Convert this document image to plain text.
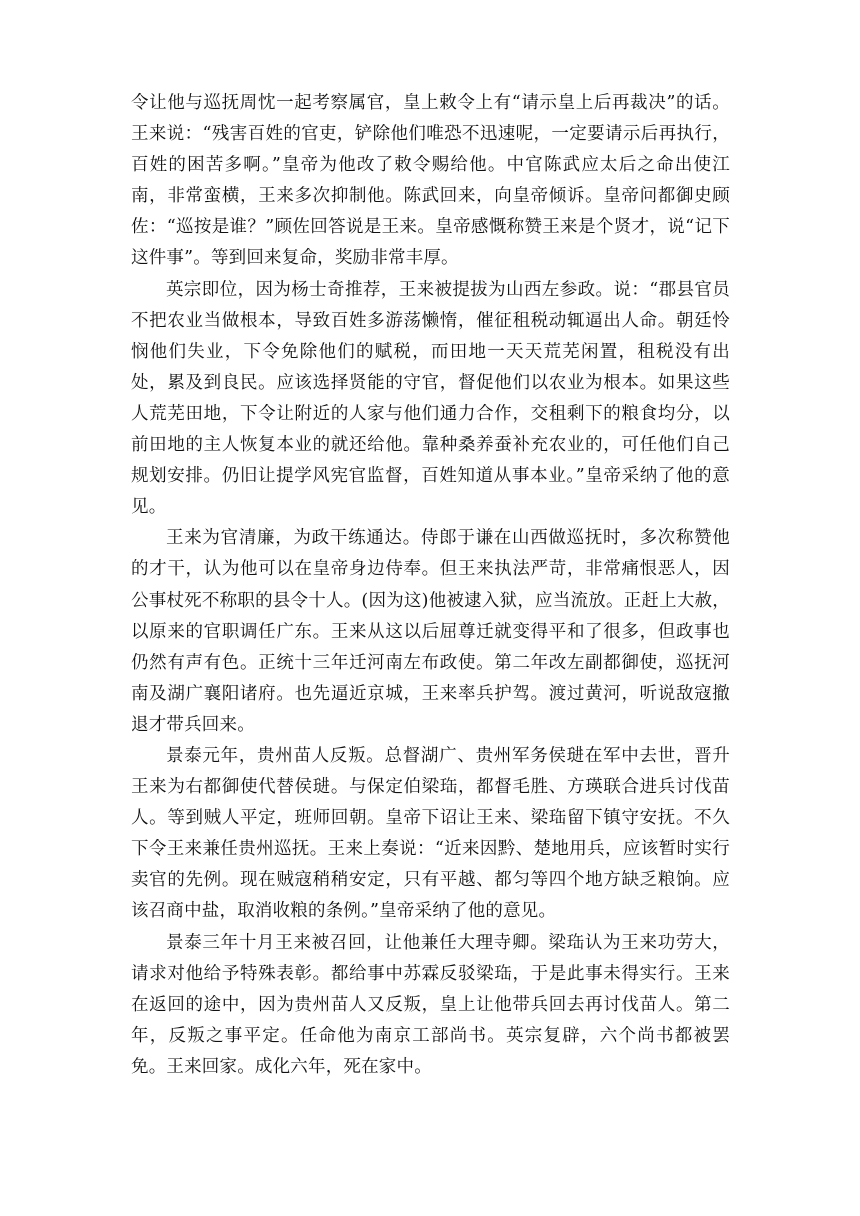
令让他与巡抚周忱一起考察属官，皇上敕令上有“请示皇上后再裁决”的话。王来说：“残害百姓的官吏，铲除他们唯恐不迅速呢，一定要请示后再执行，百姓的困苦多啊。”皇帝为他改了敕令赐给他。中官陈武应太后之命出使江南，非常蛮横，王来多次抑制他。陈武回来，向皇帝倾诉。皇帝问都御史顾佐：“巡按是谁？”顾佐回答说是王来。皇帝感慨称赞王来是个贤才，说“记下这件事”。等到回来复命，奖励非常丰厚。

英宗即位，因为杨士奇推荐，王来被提拔为山西左参政。说：“郡县官员不把农业当做根本，导致百姓多游荡懒惰，催征租税动辄逼出人命。朝廷怜悯他们失业，下令免除他们的赋税，而田地一天天荒芜闲置，租税没有出处，累及到良民。应该选择贤能的守官，督促他们以农业为根本。如果这些人荒芜田地，下令让附近的人家与他们通力合作，交租剩下的粮食均分，以前田地的主人恢复本业的就还给他。靠种桑养蚕补充农业的，可任他们自己规划安排。仍旧让提学风宪官监督，百姓知道从事本业。”皇帝采纳了他的意见。

王来为官清廉，为政干练通达。侍郎于谦在山西做巡抚时，多次称赞他的才干，认为他可以在皇帝身边侍奉。但王来执法严苛，非常痛恨恶人，因公事杖死不称职的县令十人。(因为这)他被逮入狱，应当流放。正赶上大赦，以原来的官职调任广东。王来从这以后屈尊迁就变得平和了很多，但政事也仍然有声有色。正统十三年迁河南左布政使。第二年改左副都御使，巡抚河南及湖广襄阳诸府。也先逼近京城，王来率兵护驾。渡过黄河，听说敌寇撤退才带兵回来。

景泰元年，贵州苗人反叛。总督湖广、贵州军务侯琎在军中去世，晋升王来为右都御使代替侯琎。与保定伯梁珤，都督毛胜、方瑛联合进兵讨伐苗人。等到贼人平定，班师回朝。皇帝下诏让王来、梁珤留下镇守安抚。不久下令王来兼任贵州巡抚。王来上奏说：“近来因黔、楚地用兵，应该暂时实行卖官的先例。现在贼寇稍稍安定，只有平越、都匀等四个地方缺乏粮饷。应该召商中盐，取消收粮的条例。”皇帝采纳了他的意见。

景泰三年十月王来被召回，让他兼任大理寺卿。梁珤认为王来功劳大，请求对他给予特殊表彰。都给事中苏霖反驳梁珤，于是此事未得实行。王来在返回的途中，因为贵州苗人又反叛，皇上让他带兵回去再讨伐苗人。第二年，反叛之事平定。任命他为南京工部尚书。英宗复辟，六个尚书都被罢免。王来回家。成化六年，死在家中。
